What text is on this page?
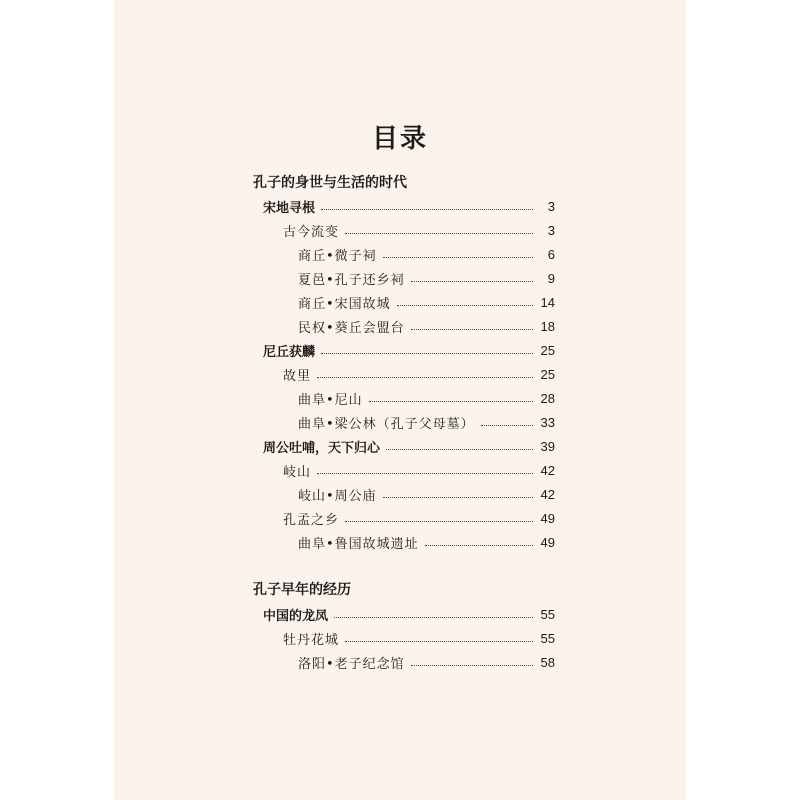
目录
孔子的身世与生活的时代
宋地寻根	3
古今流变	3
商丘•微子祠	6
夏邑•孔子还乡祠	9
商丘•宋国故城	14
民权•葵丘会盟台	18
尼丘获麟	25
故里	25
曲阜•尼山	28
曲阜•梁公林（孔子父母墓）	33
周公吐哺，天下归心	39
岐山	42
岐山•周公庙	42
孔孟之乡	49
曲阜•鲁国故城遗址	49
孔子早年的经历
中国的龙凤	55
牡丹花城	55
洛阳•老子纪念馆	58
